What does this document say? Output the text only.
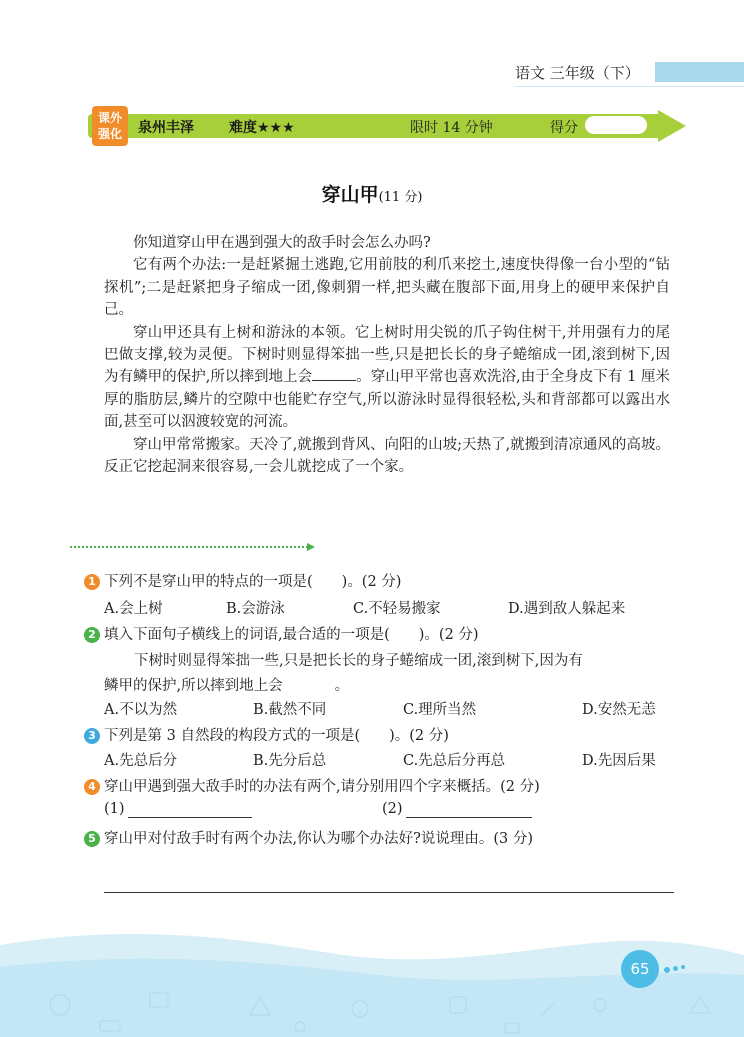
语文 三年级（下）
课外
强化	泉州丰泽	难度★★★	限时 14 分钟	得分
穿山甲(11 分)

你知道穿山甲在遇到强大的敌手时会怎么办吗?

它有两个办法:一是赶紧掘土逃跑,它用前肢的利爪来挖土,速度快得像一台小型的“钻探机”;二是赶紧把身子缩成一团,像刺猬一样,把头藏在腹部下面,用身上的硬甲来保护自己。

穿山甲还具有上树和游泳的本领。它上树时用尖锐的爪子钩住树干,并用强有力的尾巴做支撑,较为灵便。下树时则显得笨拙一些,只是把长长的身子蜷缩成一团,滚到树下,因为有鳞甲的保护,所以摔到地上会	。穿山甲平常也喜欢洗浴,由于全身皮下有 1 厘米厚的脂肪层,鳞片的空隙中也能贮存空气,所以游泳时显得很轻松,头和背部都可以露出水面,甚至可以泅渡较宽的河流。

穿山甲常常搬家。天冷了,就搬到背风、向阳的山坡;天热了,就搬到清凉通风的高坡。反正它挖起洞来很容易,一会儿就挖成了一个家。

1 下列不是穿山甲的特点的一项是(　　)。(2 分)
A.会上树	B.会游泳	C.不轻易搬家	D.遇到敌人躲起来
2 填入下面句子横线上的词语,最合适的一项是(　　)。(2 分)
下树时则显得笨拙一些,只是把长长的身子蜷缩成一团,滚到树下,因为有
鳞甲的保护,所以摔到地上会	。
A.不以为然	B.截然不同	C.理所当然	D.安然无恙
3 下列是第 3 自然段的构段方式的一项是(　　)。(2 分)
A.先总后分	B.先分后总	C.先总后分再总	D.先因后果
4 穿山甲遇到强大敌手时的办法有两个,请分别用四个字来概括。(2 分)
(1)	(2)
5 穿山甲对付敌手时有两个办法,你认为哪个办法好?说说理由。(3 分)
65
